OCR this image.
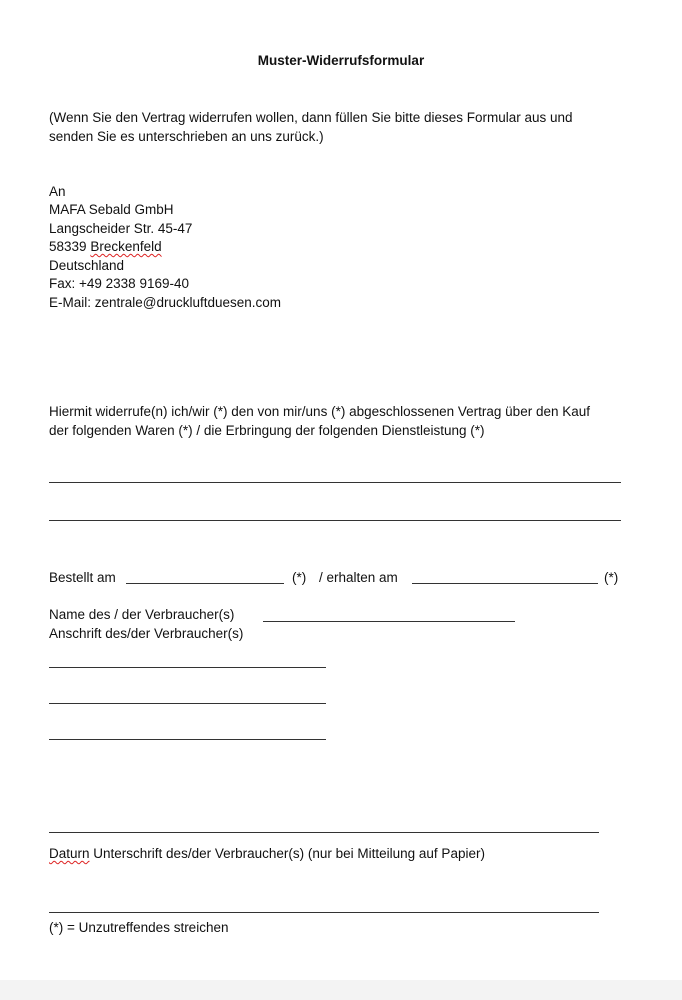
Muster-Widerrufsformular
(Wenn Sie den Vertrag widerrufen wollen, dann füllen Sie bitte dieses Formular aus und
senden Sie es unterschrieben an uns zurück.)
An
MAFA Sebald GmbH
Langscheider Str. 45-47
58339 Breckenfeld
Deutschland
Fax: +49 2338 9169-40
E-Mail: zentrale@druckluftduesen.com
Hiermit widerrufe(n) ich/wir (*) den von mir/uns (*) abgeschlossenen Vertrag über den Kauf
der folgenden Waren (*) / die Erbringung der folgenden Dienstleistung (*)
Bestellt am	(*) / erhalten am	(*)
Name des / der Verbraucher(s)
Anschrift des/der Verbraucher(s)
Daturn Unterschrift des/der Verbraucher(s) (nur bei Mitteilung auf Papier)
(*) = Unzutreffendes streichen
